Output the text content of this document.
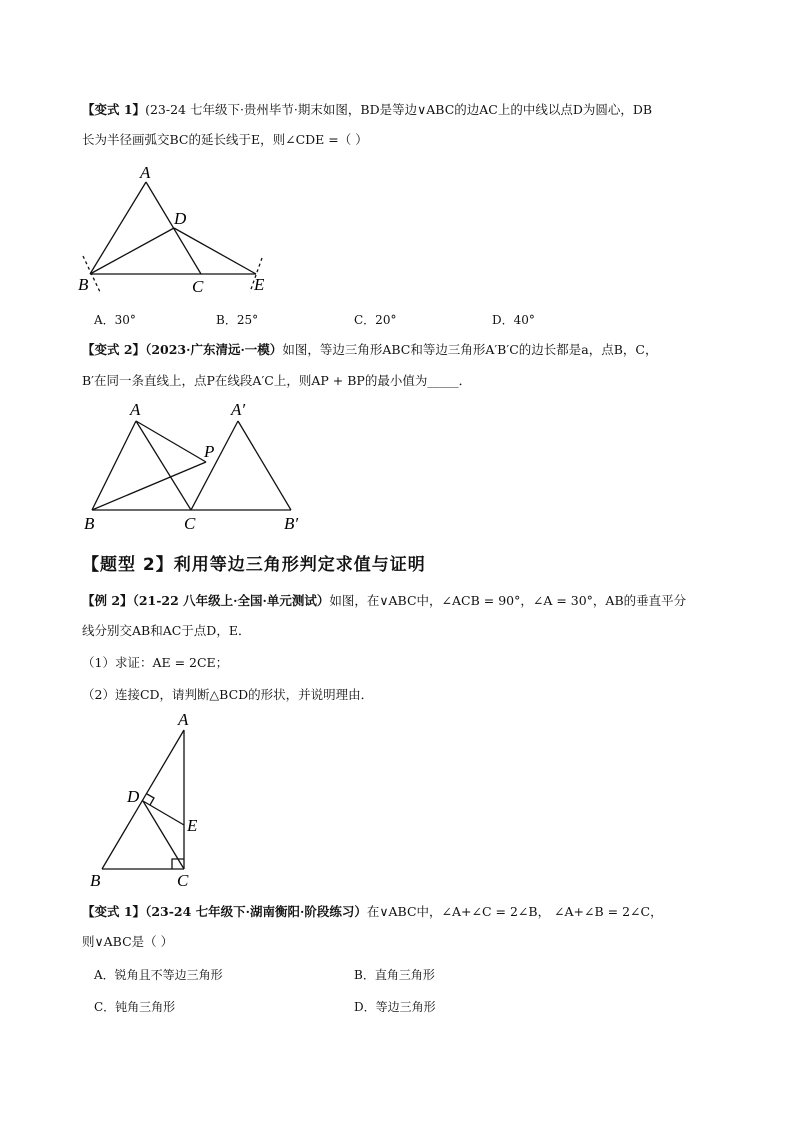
【变式 1】(23-24 七年级下·贵州毕节·期末如图，BD是等边∨ABC的边AC上的中线以点D为圆心，DB
长为半径画弧交BC的延长线于E，则∠CDE =（ ）
A
D
B	C	E
A．30°	B．25°	C．20°	D．40°
【变式 2】（2023·广东清远·一模）如图，等边三角形ABC和等边三角形A′B′C的边长都是a，点B，C，
B′在同一条直线上，点P在线段A′C上，则AP + BP的最小值为_____．
A	A′
P
B	C	B′
【题型 2】利用等边三角形判定求值与证明
【例 2】（21-22 八年级上·全国·单元测试）如图，在∨ABC中，∠ACB = 90°，∠A = 30°，AB的垂直平分
线分别交AB和AC于点D，E．
（1）求证：AE = 2CE；
（2）连接CD，请判断△BCD的形状，并说明理由．
A
D
E
B	C
【变式 1】（23-24 七年级下·湖南衡阳·阶段练习）在∨ABC中，∠A+∠C = 2∠B， ∠A+∠B = 2∠C，
则∨ABC是（ ）
A．锐角且不等边三角形	B．直角三角形
C．钝角三角形	D．等边三角形
